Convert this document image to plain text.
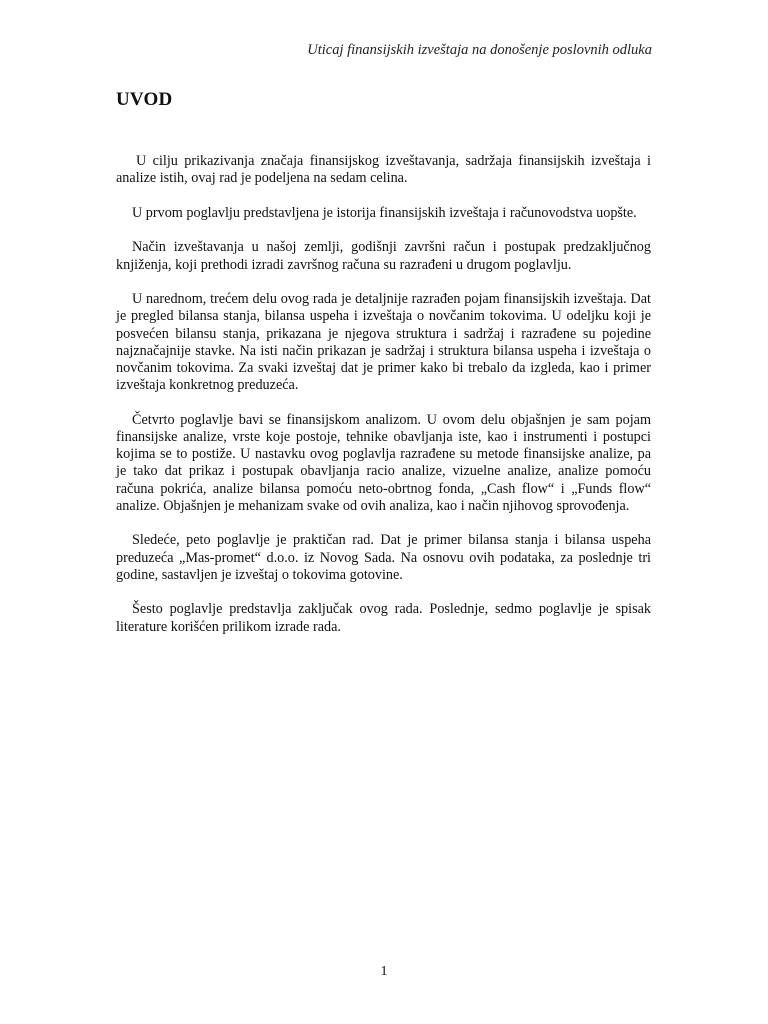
Uticaj finansijskih izveštaja na donošenje poslovnih odluka
UVOD

U cilju prikazivanja značaja finansijskog izveštavanja, sadržaja finansijskih izveštaja i analize istih, ovaj rad je podeljena na sedam celina.

U prvom poglavlju predstavljena je istorija finansijskih izveštaja i računovodstva uopšte.

Način izveštavanja u našoj zemlji, godišnji završni račun i postupak predzaključnog knjiženja, koji prethodi izradi završnog računa su razrađeni u drugom poglavlju.

U narednom, trećem delu ovog rada je detaljnije razrađen pojam finansijskih izveštaja. Dat je pregled bilansa stanja, bilansa uspeha i izveštaja o novčanim tokovima. U odeljku koji je posvećen bilansu stanja, prikazana je njegova struktura i sadržaj i razrađene su pojedine najznačajnije stavke. Na isti način prikazan je sadržaj i struktura bilansa uspeha i izveštaja o novčanim tokovima. Za svaki izveštaj dat je primer kako bi trebalo da izgleda, kao i primer izveštaja konkretnog preduzeća.

Četvrto poglavlje bavi se finansijskom analizom. U ovom delu objašnjen je sam pojam finansijske analize, vrste koje postoje, tehnike obavljanja iste, kao i instrumenti i postupci kojima se to postiže. U nastavku ovog poglavlja razrađene su metode finansijske analize, pa je tako dat prikaz i postupak obavljanja racio analize, vizuelne analize, analize pomoću računa pokrića, analize bilansa pomoću neto-obrtnog fonda, „Cash flow“ i „Funds flow“ analize. Objašnjen je mehanizam svake od ovih analiza, kao i način njihovog sprovođenja.

Sledeće, peto poglavlje je praktičan rad. Dat je primer bilansa stanja i bilansa uspeha preduzeća „Mas-promet“ d.o.o. iz Novog Sada. Na osnovu ovih podataka, za poslednje tri godine, sastavljen je izveštaj o tokovima gotovine.

Šesto poglavlje predstavlja zaključak ovog rada. Poslednje, sedmo poglavlje je spisak literature korišćen prilikom izrade rada.

1
